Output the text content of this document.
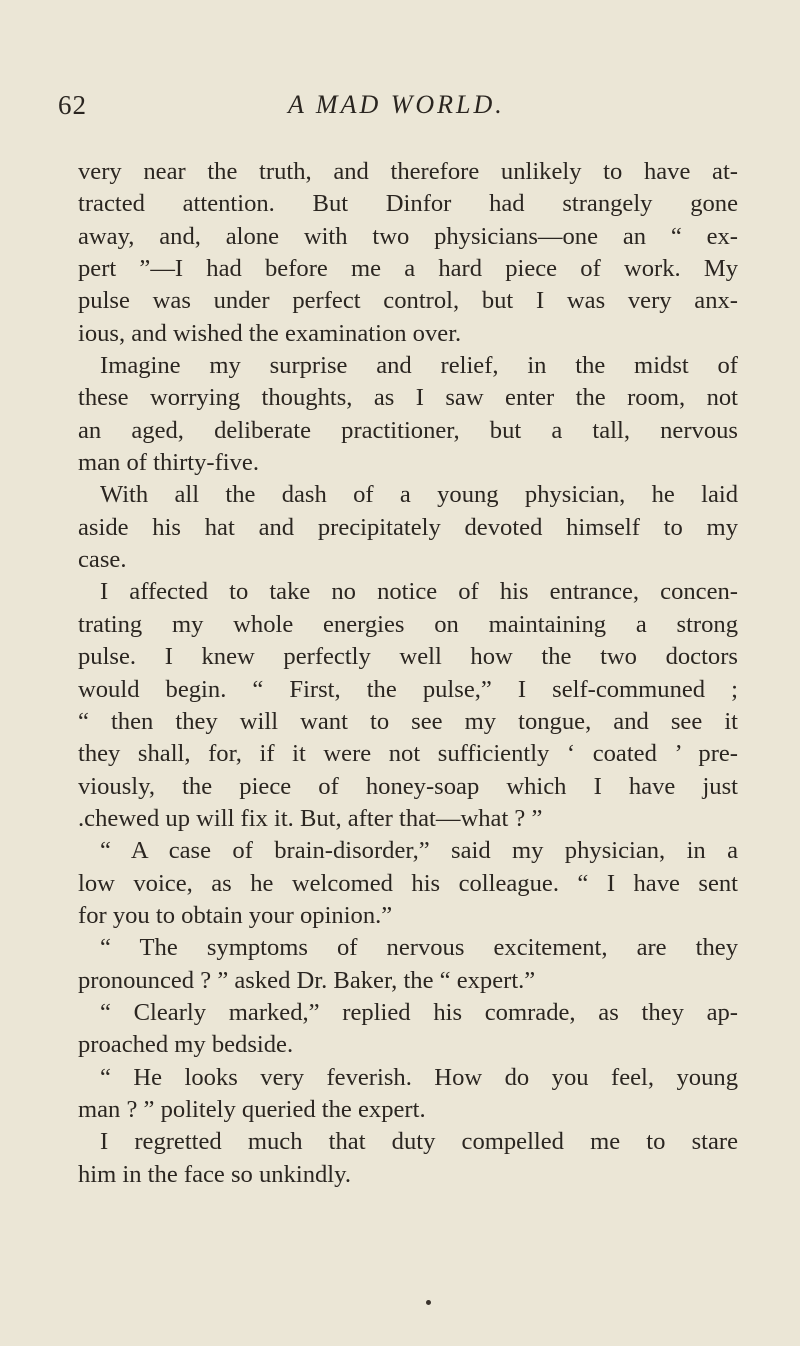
62	A MAD WORLD.
very near the truth, and therefore unlikely to have at-
tracted attention. But Dinfor had strangely gone
away, and, alone with two physicians—one an “ ex-
pert ”—I had before me a hard piece of work. My
pulse was under perfect control, but I was very anx-
ious, and wished the examination over.
Imagine my surprise and relief, in the midst of
these worrying thoughts, as I saw enter the room, not
an aged, deliberate practitioner, but a tall, nervous
man of thirty-five.
With all the dash of a young physician, he laid
aside his hat and precipitately devoted himself to my
case.
I affected to take no notice of his entrance, concen-
trating my whole energies on maintaining a strong
pulse. I knew perfectly well how the two doctors
would begin. “ First, the pulse,” I self-communed ;
“ then they will want to see my tongue, and see it
they shall, for, if it were not sufficiently ‘ coated ’ pre-
viously, the piece of honey-soap which I have just
.chewed up will fix it. But, after that—what ? ”
“ A case of brain-disorder,” said my physician, in a
low voice, as he welcomed his colleague. “ I have sent
for you to obtain your opinion.”
“ The symptoms of nervous excitement, are they
pronounced ? ” asked Dr. Baker, the “ expert.”
“ Clearly marked,” replied his comrade, as they ap-
proached my bedside.
“ He looks very feverish. How do you feel, young
man ? ” politely queried the expert.
I regretted much that duty compelled me to stare
him in the face so unkindly.
